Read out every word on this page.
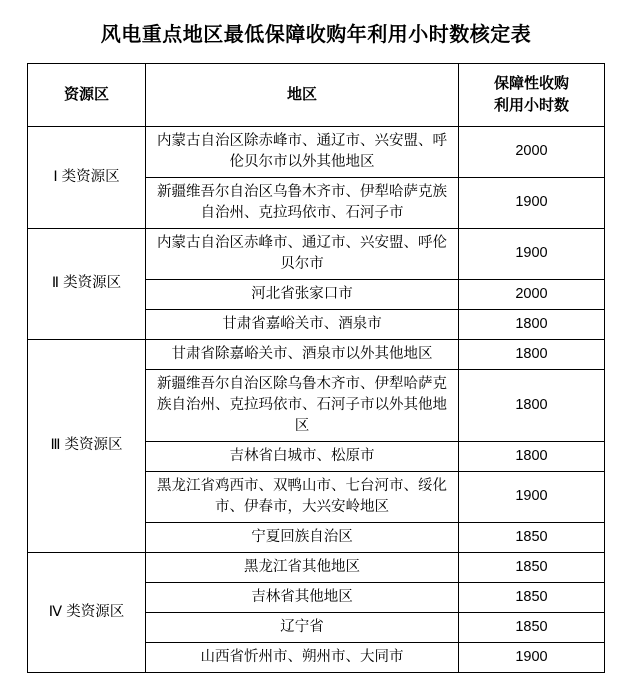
风电重点地区最低保障收购年利用小时数核定表
资源区	地区	保障性收购
利用小时数

Ⅰ 类资源区	内蒙古自治区除赤峰市、通辽市、兴安盟、呼伦贝尔市以外其他地区	2000
	新疆维吾尔自治区乌鲁木齐市、伊犁哈萨克族自治州、克拉玛依市、石河子市	1900
Ⅱ 类资源区	内蒙古自治区赤峰市、通辽市、兴安盟、呼伦贝尔市	1900
	河北省张家口市	2000
	甘肃省嘉峪关市、酒泉市	1800
Ⅲ 类资源区	甘肃省除嘉峪关市、酒泉市以外其他地区	1800
	新疆维吾尔自治区除乌鲁木齐市、伊犁哈萨克族自治州、克拉玛依市、石河子市以外其他地区	1800
	吉林省白城市、松原市	1800
	黑龙江省鸡西市、双鸭山市、七台河市、绥化市、伊春市，大兴安岭地区	1900
	宁夏回族自治区	1850
Ⅳ 类资源区	黑龙江省其他地区	1850
	吉林省其他地区	1850
	辽宁省	1850
	山西省忻州市、朔州市、大同市	1900
